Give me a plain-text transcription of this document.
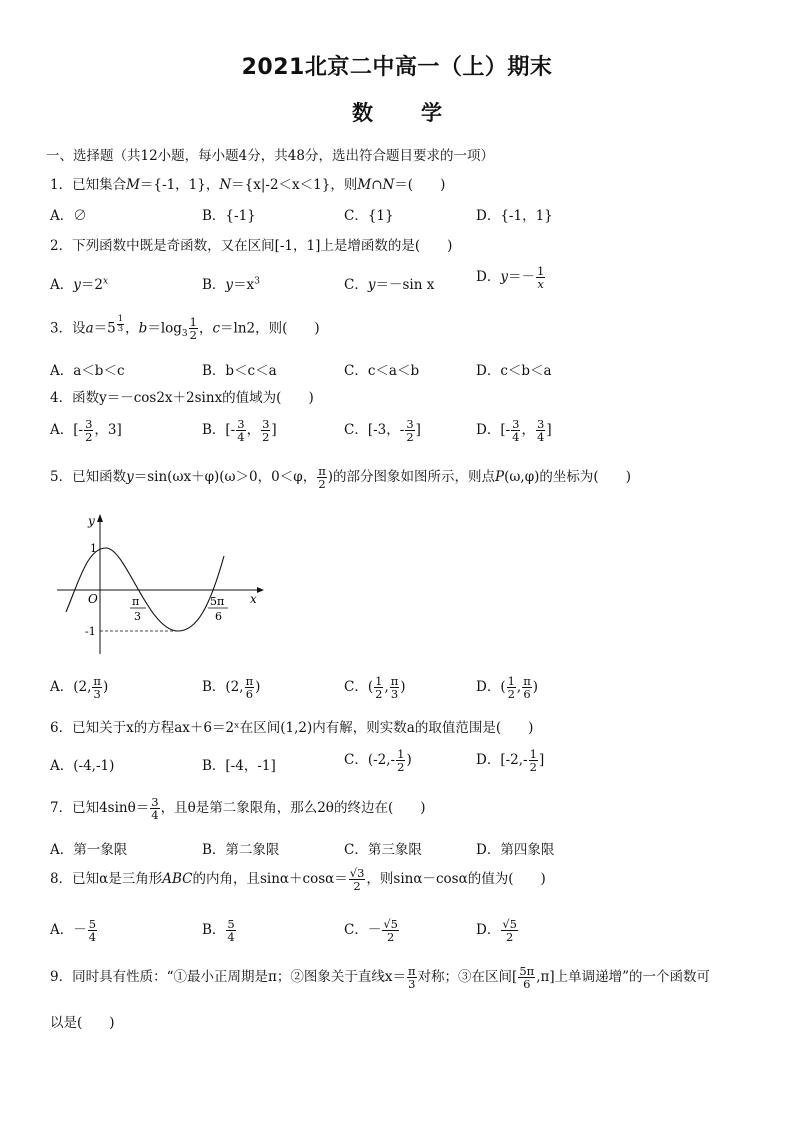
2021北京二中高一（上）期末
数 学
一、选择题（共12小题，每小题4分，共48分，选出符合题目要求的一项）
1．已知集合M＝{-1，1}，N＝{x|-2＜x＜1}，则M∩N＝(　　)
A．∅	B．{-1}	C．{1}	D．{-1，1}
2．下列函数中既是奇函数，又在区间[-1，1]上是增函数的是(　　)
A．$y=2^x$	B．$y=x^3$	C．y＝－sin x	D．$y=- \frac{1}{x}$
3．设a＝5 $^{\frac{1}{3}}$ ，$b=\log_3 \frac{1}{2}$ ，c＝ln2，则(　　)
A．a＜b＜c	B．b＜c＜a	C．c＜a＜b	D．c＜b＜a
4．函数y＝－cos2x＋2sinx的值域为(　　)
A．[- $\frac{3}{2}$ ，3]	B．[- $\frac{3}{4}$ ， $\frac{3}{2}$ ]	C．[-3，- $\frac{3}{2}$ ]	D．[- $\frac{3}{4}$ ， $\frac{3}{4}$ ]
5．已知函数y＝sin(ωx＋φ)(ω＞0，0＜φ， $\frac{\pi}{2}$ )的部分图象如图所示，则点P(ω,φ)的坐标为(　　)
y
1
O	π
3
5π
6
x
-1
A．(2, $\frac{\pi}{3}$ )	B．(2, $\frac{\pi}{6}$ )	C．( $\frac{1}{2}$ , $\frac{\pi}{3}$ )	D．( $\frac{1}{2}$ , $\frac{\pi}{6}$ )
6．已知关于x的方程ax＋6＝2ˣ在区间(1,2)内有解，则实数a的取值范围是(　　)
A．(-4,-1)	B．[-4，-1]	C．($-2,- \frac{1}{2}$ )	D．[$-2,- \frac{1}{2}$ ]
7．已知$4\sin\theta= \frac{3}{4}$ ，且θ是第二象限角，那么2θ的终边在(　　)
A．第一象限	B．第二象限	C．第三象限	D．第四象限
8．已知α是三角形ABC的内角，且$\sin\alpha+\cos\alpha= \frac{√3}{2}$ ，则sinα－cosα的值为(　　)
A．－ $\frac{5}{4}$	B． $\frac{5}{4}$	C．－ $\frac{√5}{2}$	D． $\frac{√5}{2}$
9．同时具有性质：“①最小正周期是π；②图象关于直线$x= \frac{\pi}{3}$ 对称；③在区间[ $\frac{5\pi}{6} ,\pi$]上单调递增”的一个函数可
以是(　　)
